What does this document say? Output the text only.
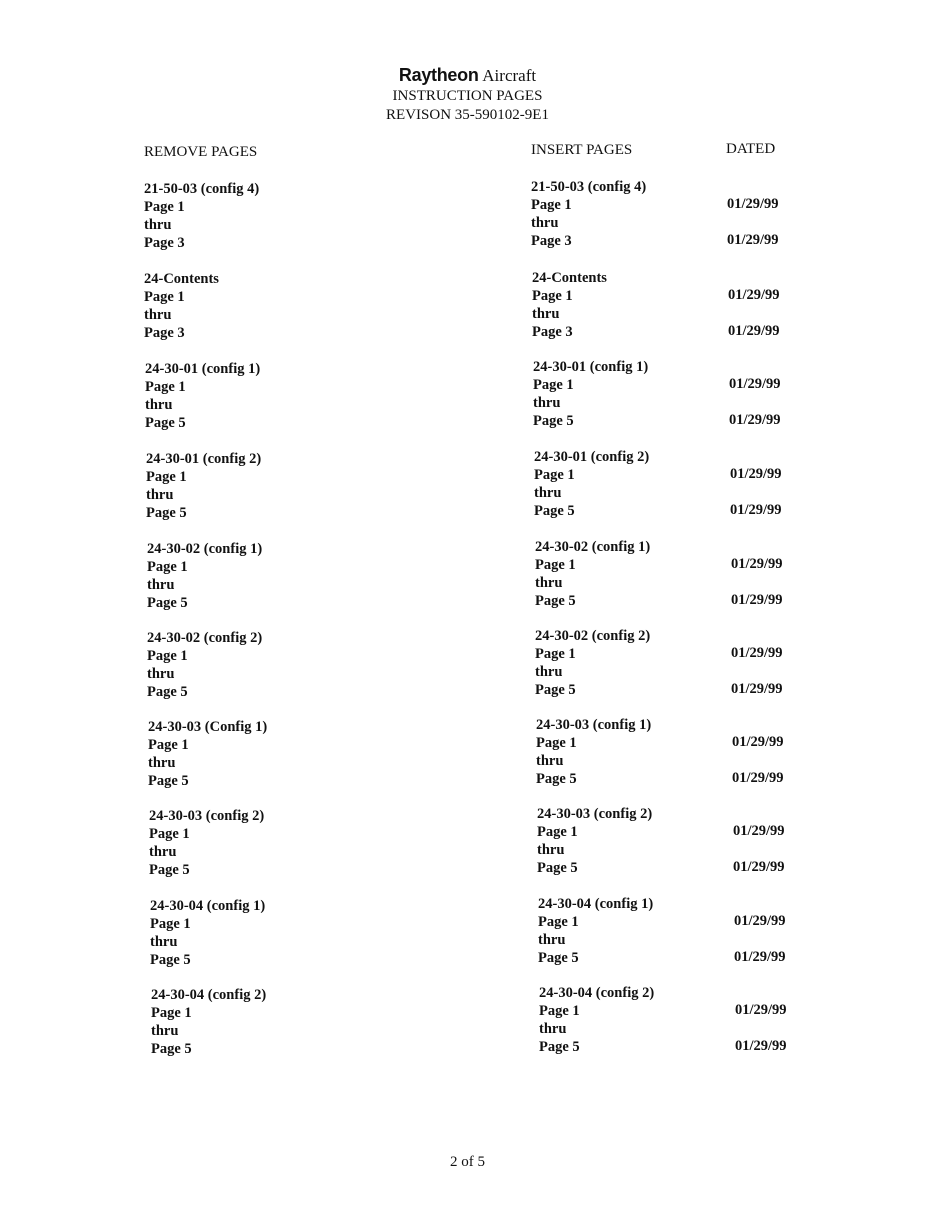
Raytheon Aircraft
INSTRUCTION PAGES
REVISON 35-590102-9E1
REMOVE PAGES	INSERT PAGES	DATED
21-50-03 (config 4)
Page 1
thru
Page 3
24-Contents
Page 1
thru
Page 3
24-30-01 (config 1)
Page 1
thru
Page 5
24-30-01 (config 2)
Page 1
thru
Page 5
24-30-02 (config 1)
Page 1
thru
Page 5
24-30-02 (config 2)
Page 1
thru
Page 5
24-30-03 (Config 1)
Page 1
thru
Page 5
24-30-03 (config 2)
Page 1
thru
Page 5
24-30-04 (config 1)
Page 1
thru
Page 5
24-30-04 (config 2)
Page 1
thru
Page 5
21-50-03 (config 4)
Page 1
thru
Page 3
01/29/99
01/29/99
24-Contents
Page 1
thru
Page 3
01/29/99
01/29/99
24-30-01 (config 1)
Page 1
thru
Page 5
01/29/99
01/29/99
24-30-01 (config 2)
Page 1
thru
Page 5
01/29/99
01/29/99
24-30-02 (config 1)
Page 1
thru
Page 5
01/29/99
01/29/99
24-30-02 (config 2)
Page 1
thru
Page 5
01/29/99
01/29/99
24-30-03 (config 1)
Page 1
thru
Page 5
01/29/99
01/29/99
24-30-03 (config 2)
Page 1
thru
Page 5
01/29/99
01/29/99
24-30-04 (config 1)
Page 1
thru
Page 5
01/29/99
01/29/99
24-30-04 (config 2)
Page 1
thru
Page 5
01/29/99
01/29/99
2 of 5
